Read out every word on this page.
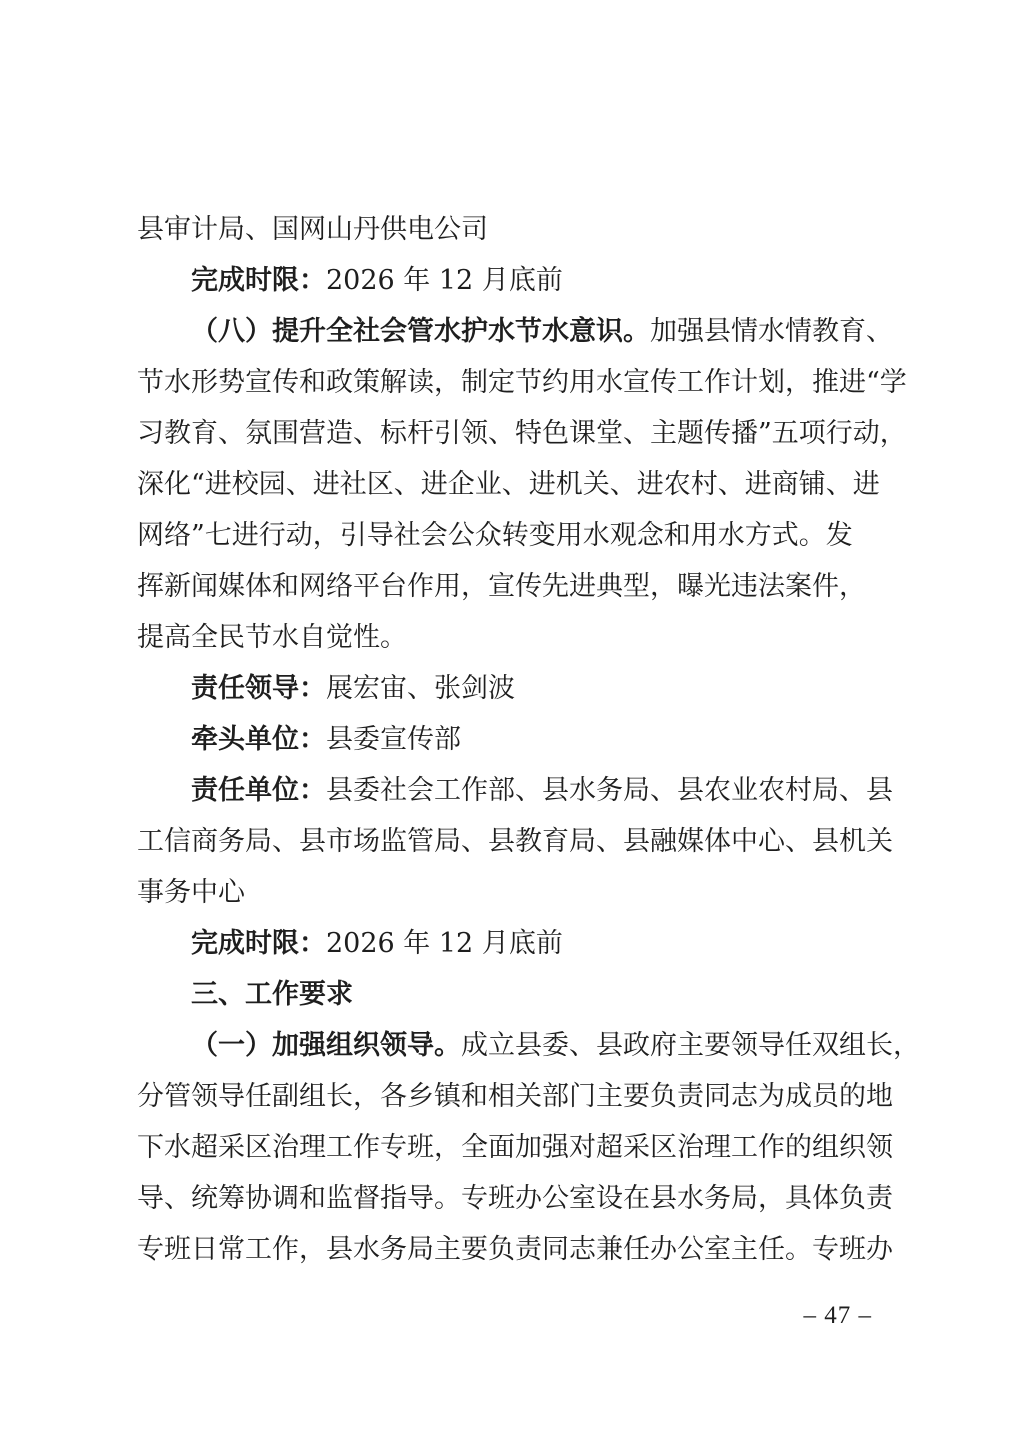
县审计局、国网山丹供电公司
完成时限：2026 年 12 月底前
（八）提升全社会管水护水节水意识。加强县情水情教育、
节水形势宣传和政策解读，制定节约用水宣传工作计划，推进“学
习教育、氛围营造、标杆引领、特色课堂、主题传播”五项行动，
深化“进校园、进社区、进企业、进机关、进农村、进商铺、进
网络”七进行动，引导社会公众转变用水观念和用水方式。发
挥新闻媒体和网络平台作用，宣传先进典型，曝光违法案件，
提高全民节水自觉性。
责任领导：展宏宙、张剑波
牵头单位：县委宣传部
责任单位：县委社会工作部、县水务局、县农业农村局、县
工信商务局、县市场监管局、县教育局、县融媒体中心、县机关
事务中心
完成时限：2026 年 12 月底前
三、工作要求
（一）加强组织领导。成立县委、县政府主要领导任双组长，
分管领导任副组长，各乡镇和相关部门主要负责同志为成员的地
下水超采区治理工作专班，全面加强对超采区治理工作的组织领
导、统筹协调和监督指导。专班办公室设在县水务局，具体负责
专班日常工作，县水务局主要负责同志兼任办公室主任。专班办
– 47 –
